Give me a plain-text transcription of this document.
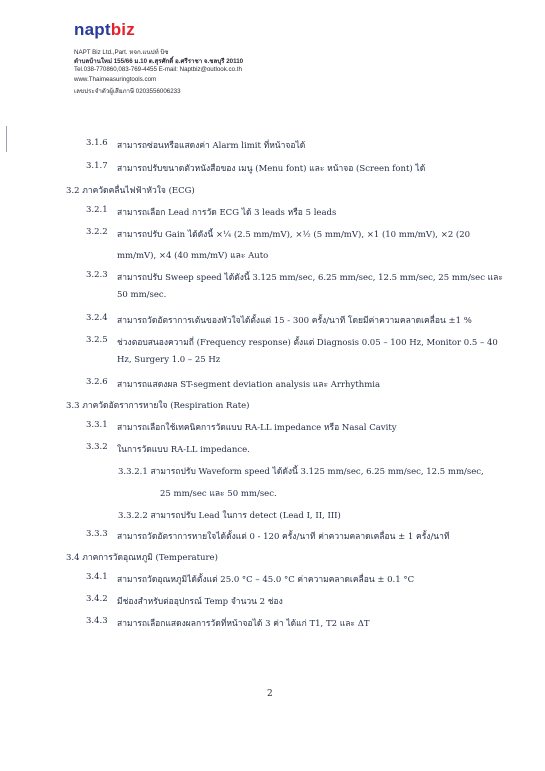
naptbiz
NAPT Biz Ltd.,Part. หจก.แนปท์ บิซ
ตำบลบ้านใหม่ 155/66 ม.10 ต.สุรศักดิ์ อ.ศรีราชา จ.ชลบุรี 20110
Tel.038-770860,083-769-4455 E-mail: Naptbiz@outlook.co.th
www.Thaimeasuringtools.com
เลขประจำตัวผู้เสียภาษี 0203556006233
3.1.6 สามารถซ่อนหรือแสดงค่า Alarm limit ที่หน้าจอได้
3.1.7 สามารถปรับขนาดตัวหนังสือของ เมนู (Menu font) และ หน้าจอ (Screen font) ได้
3.2 ภาควัดคลื่นไฟฟ้าหัวใจ (ECG)
3.2.1 สามารถเลือก Lead การวัด ECG ได้ 3 leads หรือ 5 leads
3.2.2 สามารถปรับ Gain ได้ดังนี้ ×¼ (2.5 mm/mV), ×½ (5 mm/mV), ×1 (10 mm/mV), ×2 (20
mm/mV), ×4 (40 mm/mV) และ Auto
3.2.3 สามารถปรับ Sweep speed ได้ดังนี้ 3.125 mm/sec, 6.25 mm/sec, 12.5 mm/sec, 25 mm/sec และ
50 mm/sec.
3.2.4 สามารถวัดอัตราการเต้นของหัวใจได้ตั้งแต่ 15 - 300 ครั้ง/นาที โดยมีค่าความคลาดเคลื่อน ±1 %
3.2.5 ช่วงตอบสนองความถี่ (Frequency response) ตั้งแต่ Diagnosis 0.05 – 100 Hz, Monitor 0.5 – 40
Hz, Surgery 1.0 – 25 Hz
3.2.6 สามารถแสดงผล ST-segment deviation analysis และ Arrhythmia
3.3 ภาควัดอัตราการหายใจ (Respiration Rate)
3.3.1 สามารถเลือกใช้เทคนิคการวัดแบบ RA-LL impedance หรือ Nasal Cavity
3.3.2 ในการวัดแบบ RA-LL impedance.
3.3.2.1 สามารถปรับ Waveform speed ได้ดังนี้ 3.125 mm/sec, 6.25 mm/sec, 12.5 mm/sec,
25 mm/sec และ 50 mm/sec.
3.3.2.2 สามารถปรับ Lead ในการ detect (Lead I, II, III)
3.3.3 สามารถวัดอัตราการหายใจได้ตั้งแต่ 0 - 120 ครั้ง/นาที ค่าความคลาดเคลื่อน ± 1 ครั้ง/นาที
3.4 ภาคการวัดอุณหภูมิ (Temperature)
3.4.1 สามารถวัดอุณหภูมิได้ตั้งแต่ 25.0 °C – 45.0 °C ค่าความคลาดเคลื่อน ± 0.1 °C
3.4.2 มีช่องสำหรับต่ออุปกรณ์ Temp จำนวน 2 ช่อง
3.4.3 สามารถเลือกแสดงผลการวัดที่หน้าจอได้ 3 ค่า ได้แก่ T1, T2 และ ΔT
2
